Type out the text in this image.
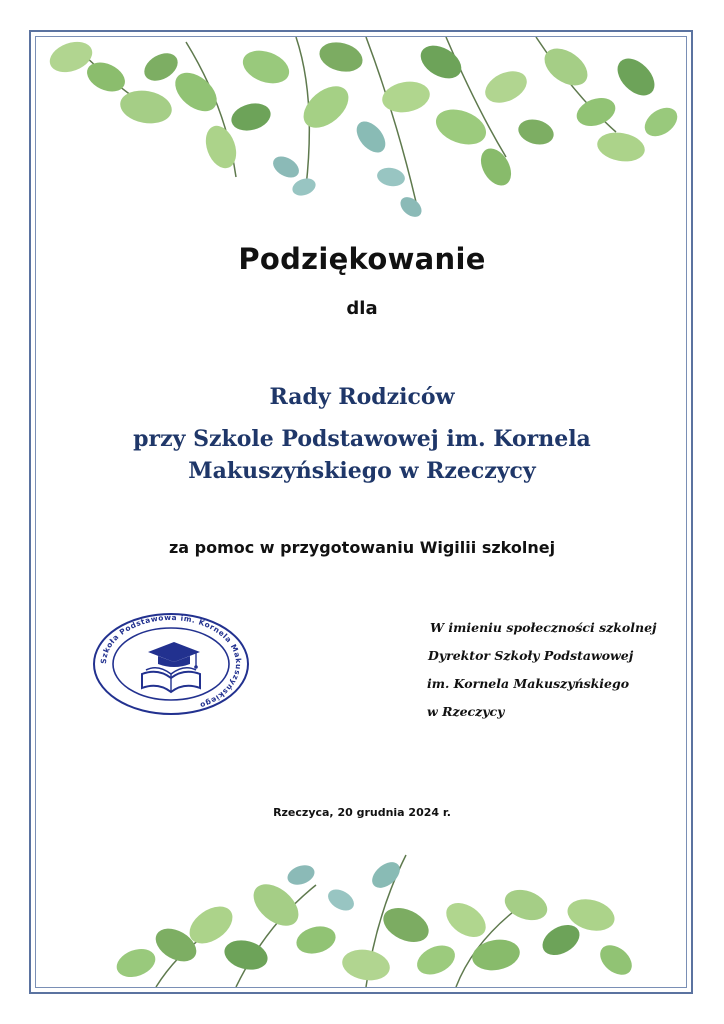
Podziękowanie
dla
Rady Rodziców
przy Szkole Podstawowej im. Kornela
Makuszyńskiego w Rzeczycy
za pomoc w przygotowaniu Wigilii szkolnej
Szkoła Podstawowa im. Kornela Makuszyńskiego
W imieniu społeczności szkolnej
Dyrektor Szkoły Podstawowej
im. Kornela Makuszyńskiego
w Rzeczycy
Rzeczyca, 20 grudnia 2024 r.
